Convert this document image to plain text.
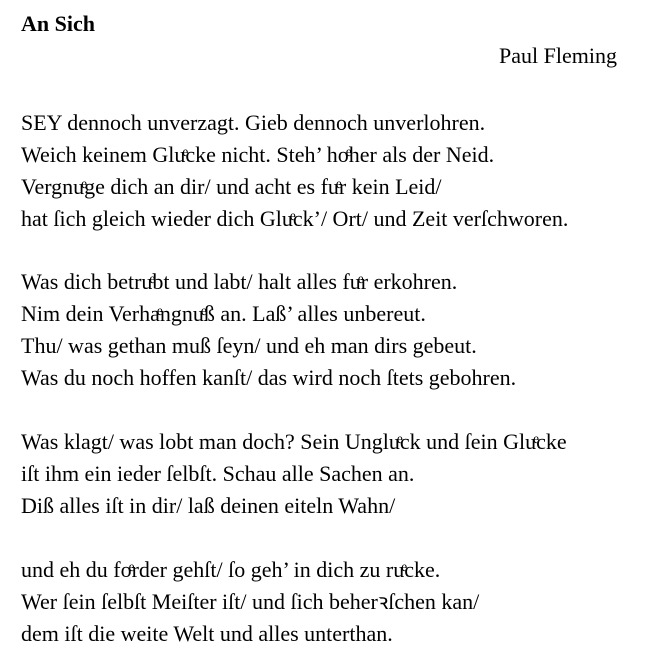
An Sich
Paul Fleming
SEY dennoch unverzagt. Gieb dennoch unverlohren.
Weich keinem Gluͤcke nicht. Steh’ hoͤher als der Neid.
Vergnuͤge dich an dir/ und acht es fuͤr kein Leid/
hat ſich gleich wieder dich Gluͤck’/ Ort/ und Zeit verſchworen.
Was dich betruͤbt und labt/ halt alles fuͤr erkohren.
Nim dein Verhaͤngnuͤß an. Laß’ alles unbereut.
Thu/ was gethan muß ſeyn/ und eh man dirs gebeut.
Was du noch hoffen kanſt/ das wird noch ſtets gebohren.
Was klagt/ was lobt man doch? Sein Ungluͤck und ſein Gluͤcke
iſt ihm ein ieder ſelbſt. Schau alle Sachen an.
Diß alles iſt in dir/ laß deinen eiteln Wahn/
und eh du foͤrder gehſt/ ſo geh’ in dich zu ruͤcke.
Wer ſein ſelbſt Meiſter iſt/ und ſich beherꝛſchen kan/
dem iſt die weite Welt und alles unterthan.
